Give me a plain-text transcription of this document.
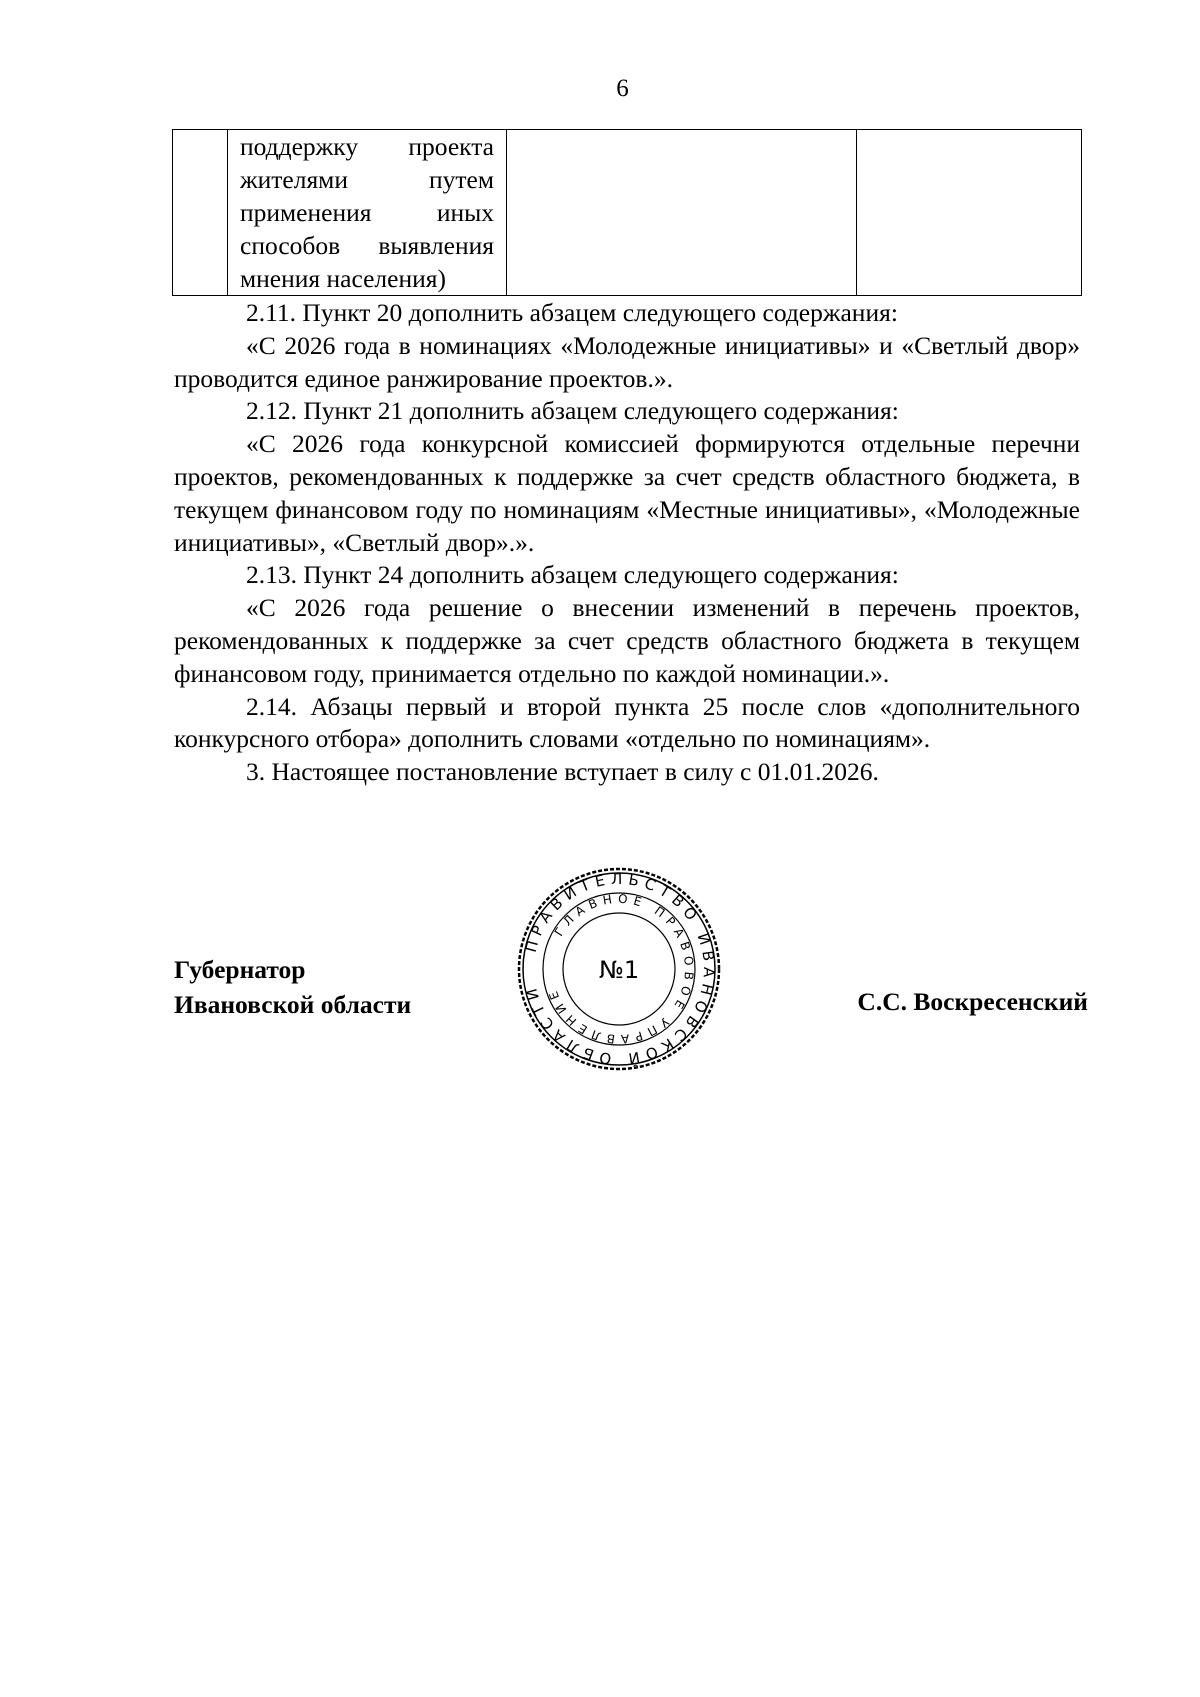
6

поддержку проекта
жителями путем
применения иных
способов выявления
мнения населения)

2.11. Пункт 20 дополнить абзацем следующего содержания:

«С 2026 года в номинациях «Молодежные инициативы» и «Светлый двор» проводится единое ранжирование проектов.».

2.12. Пункт 21 дополнить абзацем следующего содержания:

«С 2026 года конкурсной комиссией формируются отдельные перечни проектов, рекомендованных к поддержке за счет средств областного бюджета, в текущем финансовом году по номинациям «Местные инициативы», «Молодежные инициативы», «Светлый двор».».

2.13. Пункт 24 дополнить абзацем следующего содержания:

«С 2026 года решение о внесении изменений в перечень проектов, рекомендованных к поддержке за счет средств областного бюджета в текущем финансовом году, принимается отдельно по каждой номинации.».

2.14. Абзацы первый и второй пункта 25 после слов «дополнительного конкурсного отбора» дополнить словами «отдельно по номинациям».

3. Настоящее постановление вступает в силу с 01.01.2026.

Губернатор
Ивановской области	С.С. Воскресенский
ПРАВИТЕЛЬСТВО ИВАНОВСКОЙ ОБЛАСТИ
ГЛАВНОЕ ПРАВОВОЕ УПРАВЛЕНИЕ
№1
